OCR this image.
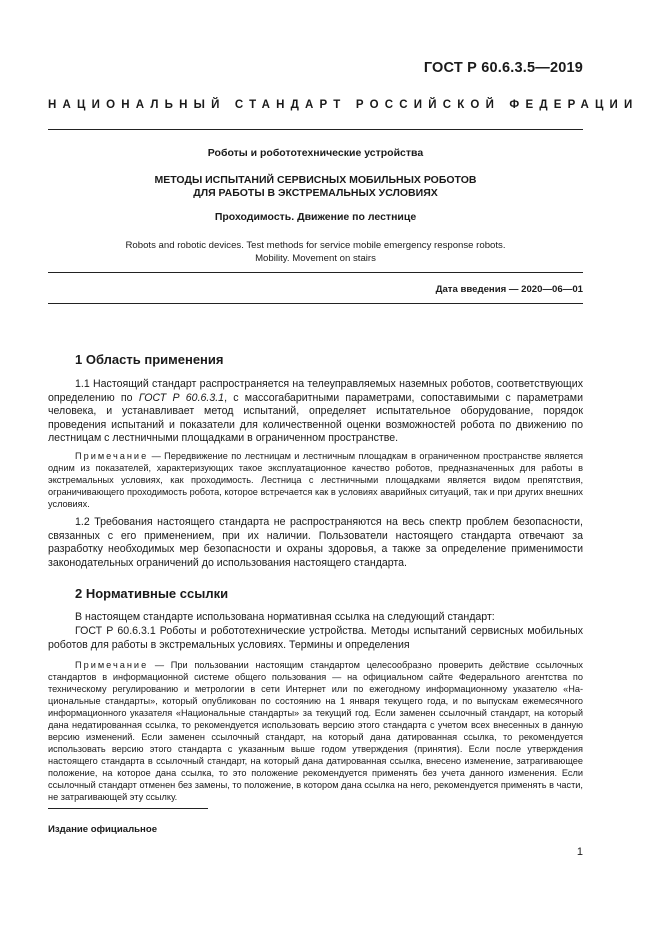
ГОСТ Р 60.6.3.5—2019
НАЦИОНАЛЬНЫЙ СТАНДАРТ РОССИЙСКОЙ ФЕДЕРАЦИИ
Роботы и робототехнические устройства
МЕТОДЫ ИСПЫТАНИЙ СЕРВИСНЫХ МОБИЛЬНЫХ РОБОТОВ
ДЛЯ РАБОТЫ В ЭКСТРЕМАЛЬНЫХ УСЛОВИЯХ
Проходимость. Движение по лестнице
Robots and robotic devices. Test methods for service mobile emergency response robots.
Mobility. Movement on stairs
Дата введения — 2020—06—01
1 Область применения
1.1 Настоящий стандарт распространяется на телеуправляемых наземных роботов, соответствующих определению по ГОСТ Р 60.6.3.1, с массогабаритными параметрами, сопоставимыми с параметрами человека, и устанавливает метод испытаний, определяет испытательное оборудование, порядок проведения испытаний и показатели для количественной оценки возможностей робота по движению по лестницам с лестничными площадками в ограниченном пространстве.
Примечание — Передвижение по лестницам и лестничным площадкам в ограниченном пространстве является одним из показателей, характеризующих такое эксплуатационное качество роботов, предназначенных для работы в экстремальных условиях, как проходимость. Лестница с лестничными площадками является видом препятствия, ограничивающего проходимость робота, которое встречается как в условиях аварийных ситуаций, так и при других внешних условиях.
1.2 Требования настоящего стандарта не распространяются на весь спектр проблем безопасности, связанных с его применением, при их наличии. Пользователи настоящего стандарта отвечают за разработку необходимых мер безопасности и охраны здоровья, а также за определение применимости законодательных ограничений до использования настоящего стандарта.
2 Нормативные ссылки
В настоящем стандарте использована нормативная ссылка на следующий стандарт:
ГОСТ Р 60.6.3.1 Роботы и робототехнические устройства. Методы испытаний сервисных мобильных роботов для работы в экстремальных условиях. Термины и определения
Примечание — При пользовании настоящим стандартом целесообразно проверить действие ссылочных стандартов в информационной системе общего пользования — на официальном сайте Федерального агентства по техническому регулированию и метрологии в сети Интернет или по ежегодному информационному указателю «Национальные стандарты», который опубликован по состоянию на 1 января текущего года, и по выпускам ежемесячного информационного указателя «Национальные стандарты» за текущий год. Если заменен ссылочный стандарт, на который дана недатированная ссылка, то рекомендуется использовать версию этого стандарта с учетом всех внесенных в данную версию изменений. Если заменен ссылочный стандарт, на который дана датированная ссылка, то рекомендуется использовать версию этого стандарта с указанным выше годом утверждения (принятия). Если после утверждения настоящего стандарта в ссылочный стандарт, на который дана датированная ссылка, внесено изменение, затрагивающее положение, на которое дана ссылка, то это положение рекомендуется применять без учета данного изменения. Если ссылочный стандарт отменен без замены, то положение, в котором дана ссылка на него, рекомендуется применять в части, не затрагивающей эту ссылку.
Издание официальное
1
